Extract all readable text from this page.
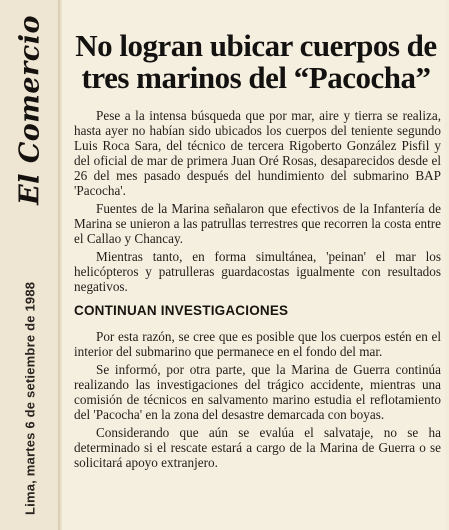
Lima, martes 6 de setiembre de 1988
El Comercio No logran ubicar cuerpos de tres marinos del “Pacocha”

Pese a la intensa búsqueda que por mar, aire y tierra se realiza, hasta ayer no habían sido ubicados los cuerpos del teniente segundo Luis Roca Sara, del técnico de tercera Rigoberto González Pisfil y del oficial de mar de primera Juan Oré Rosas, desaparecidos desde el 26 del mes pasado después del hundimiento del submarino BAP 'Pacocha'.

Fuentes de la Marina señalaron que efectivos de la Infantería de Marina se unieron a las patrullas terrestres que recorren la costa entre el Callao y Chancay.

Mientras tanto, en forma simultánea, 'peinan' el mar los helicópteros y patrulleras guardacostas igualmente con resultados negativos.

CONTINUAN INVESTIGACIONES

Por esta razón, se cree que es posible que los cuerpos estén en el interior del submarino que permanece en el fondo del mar.

Se informó, por otra parte, que la Marina de Guerra continúa realizando las investigaciones del trágico accidente, mientras una comisión de técnicos en salvamento marino estudia el reflotamiento del 'Pacocha' en la zona del desastre demarcada con boyas.

Considerando que aún se evalúa el salvataje, no se ha determinado si el rescate estará a cargo de la Marina de Guerra o se solicitará apoyo extranjero.
